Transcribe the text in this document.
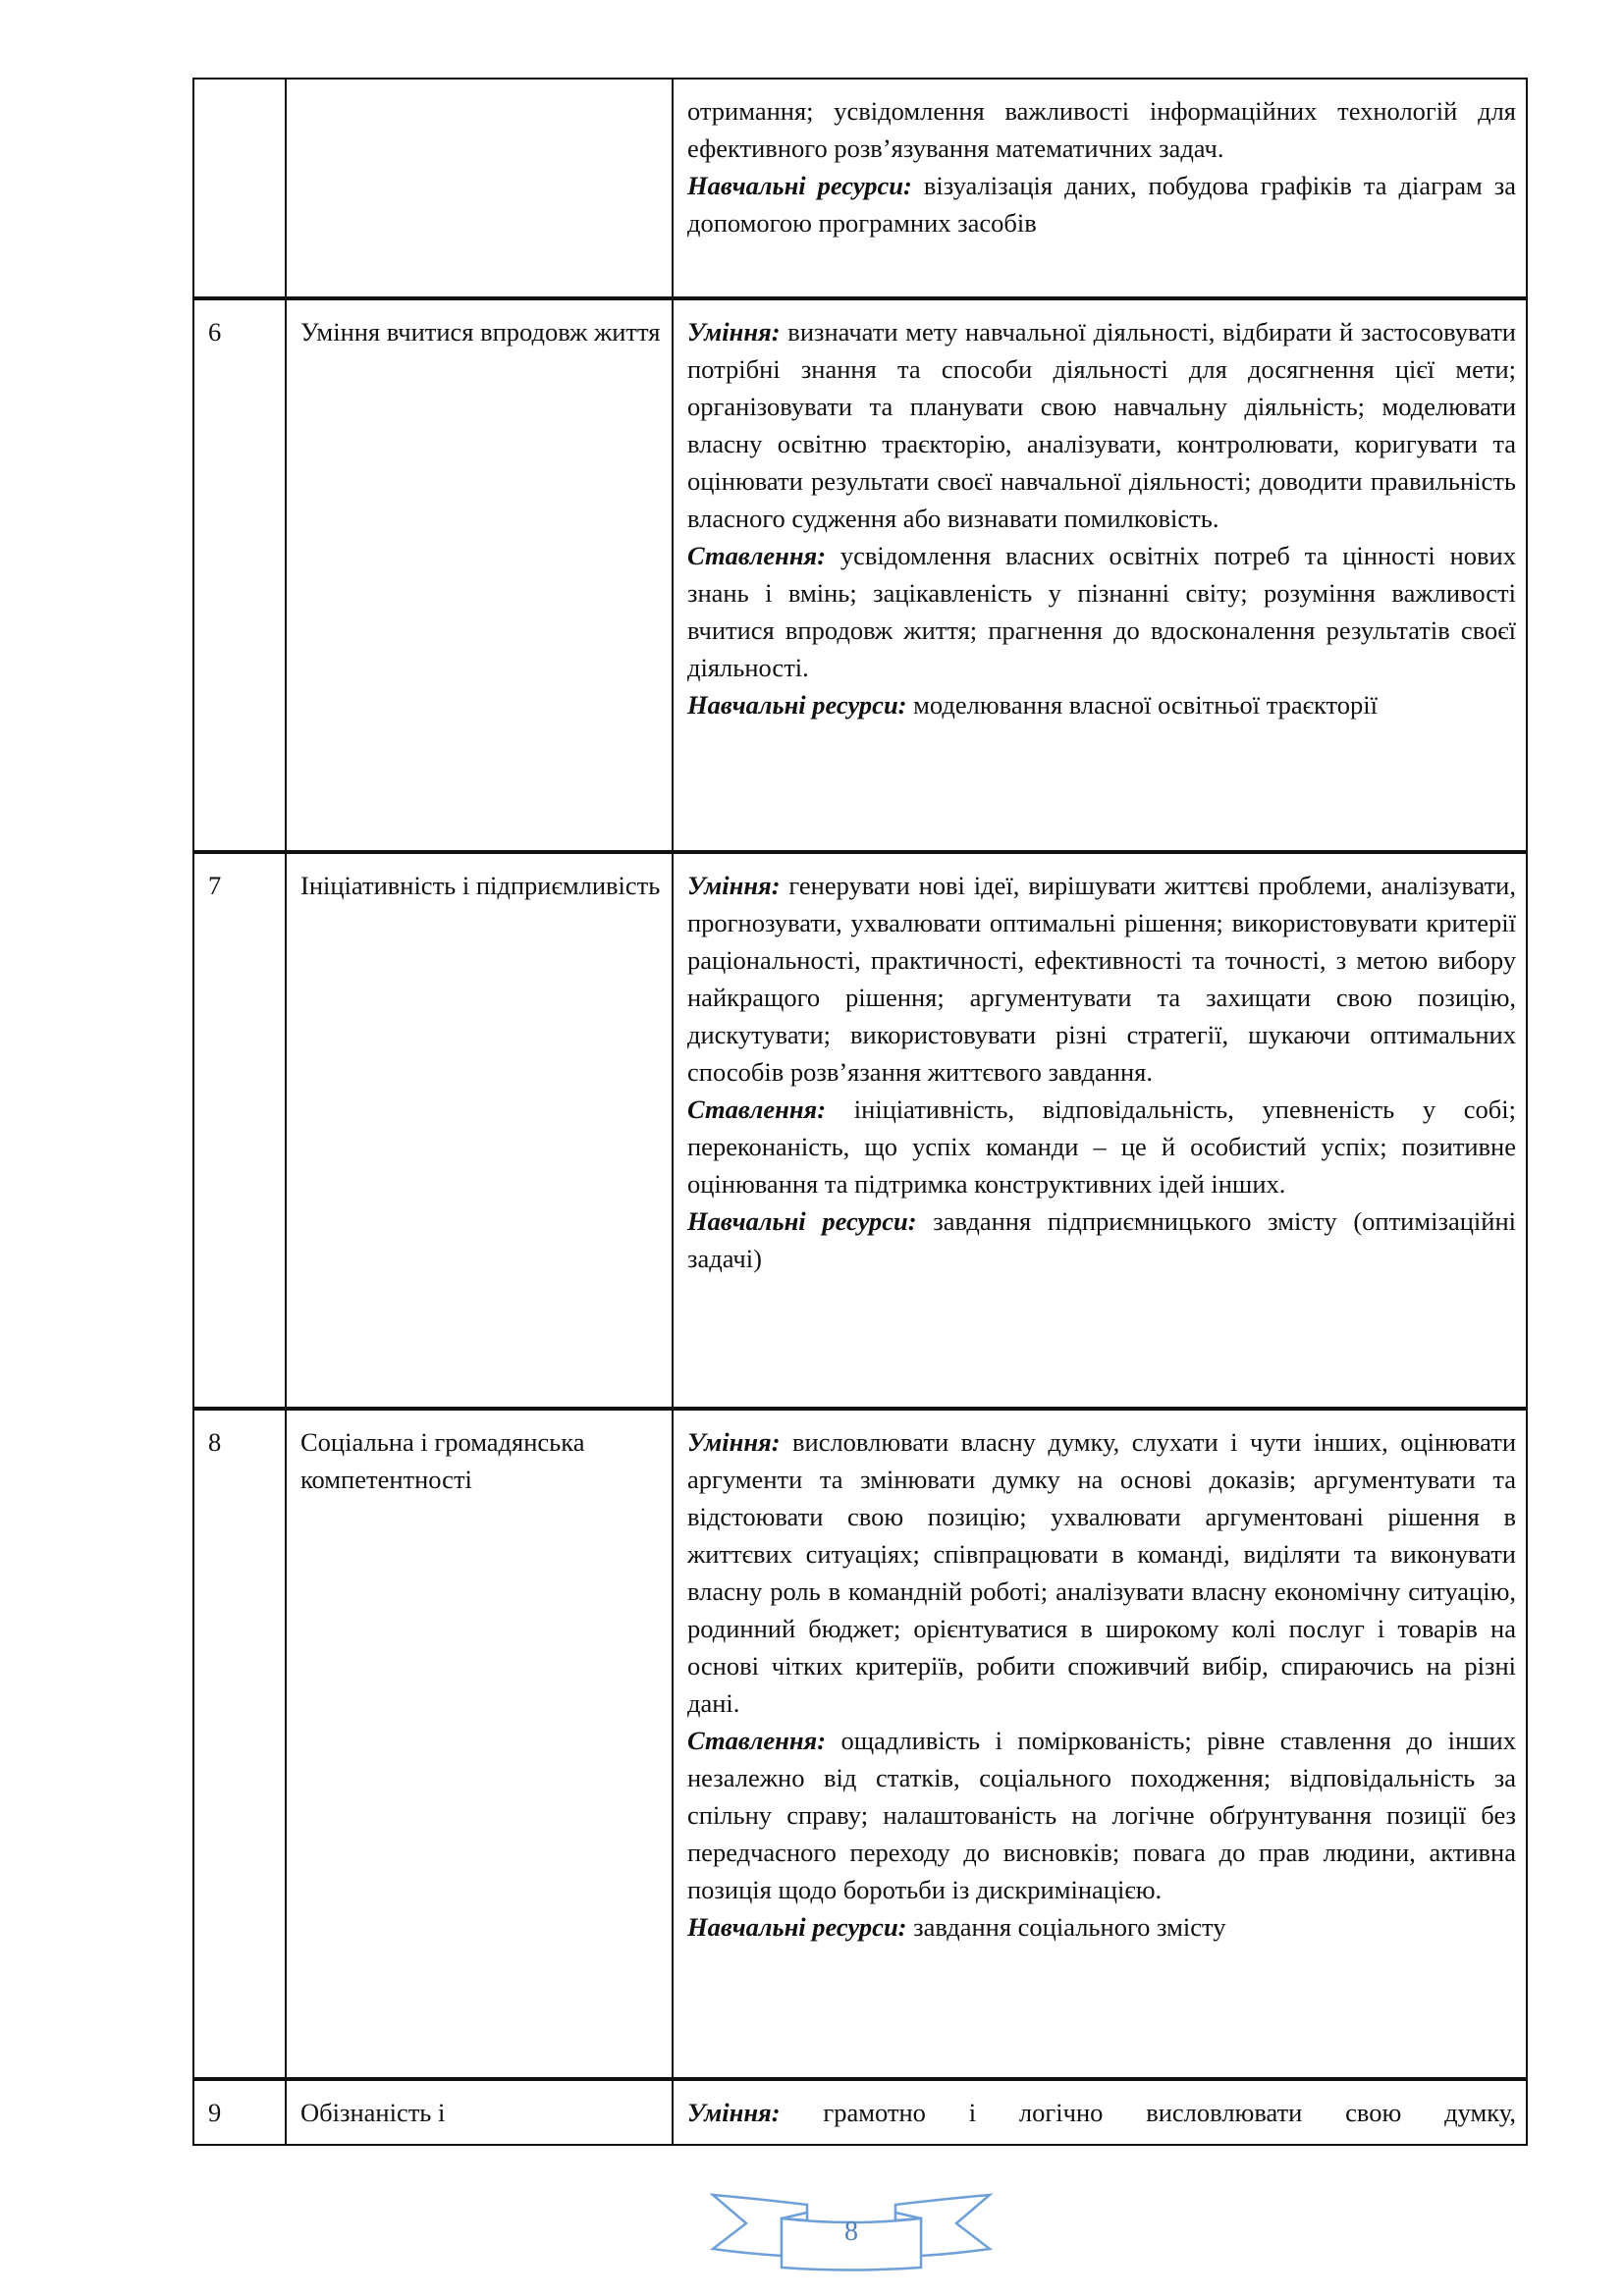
		отримання; усвідомлення важливості інформаційних технологій для ефективного розв’язування математичних задач.

Навчальні ресурси: візуалізація даних, побудова графіків та діаграм за допомогою програмних засобів

6	Уміння вчитися впродовж життя	Уміння: визначати мету навчальної діяльності, відбирати й застосовувати потрібні знання та способи діяльності для досягнення цієї мети; організовувати та планувати свою навчальну діяльність; моделювати власну освітню траєкторію, аналізувати, контролювати, коригувати та оцінювати результати своєї навчальної діяльності; доводити правильність власного судження або визнавати помилковість.

Ставлення: усвідомлення власних освітніх потреб та цінності нових знань і вмінь; зацікавленість у пізнанні світу; розуміння важливості вчитися впродовж життя; прагнення до вдосконалення результатів своєї діяльності.

Навчальні ресурси: моделювання власної освітньої траєкторії

7	Ініціативність і підприємливість	Уміння: генерувати нові ідеї, вирішувати життєві проблеми, аналізувати, прогнозувати, ухвалювати оптимальні рішення; використовувати критерії раціональності, практичності, ефективності та точності, з метою вибору найкращого рішення; аргументувати та захищати свою позицію, дискутувати; використовувати різні стратегії, шукаючи оптимальних способів розв’язання життєвого завдання.

Ставлення: ініціативність, відповідальність, упевненість у собі; переконаність, що успіх команди – це й особистий успіх; позитивне оцінювання та підтримка конструктивних ідей інших.

Навчальні ресурси: завдання підприємницького змісту (оптимізаційні задачі)

8	Соціальна і громадянська компетентності	Уміння: висловлювати власну думку, слухати і чути інших, оцінювати аргументи та змінювати думку на основі доказів; аргументувати та відстоювати свою позицію; ухвалювати аргументовані рішення в життєвих ситуаціях; співпрацювати в команді, виділяти та виконувати власну роль в командній роботі; аналізувати власну економічну ситуацію, родинний бюджет; орієнтуватися в широкому колі послуг і товарів на основі чітких критеріїв, робити споживчий вибір, спираючись на різні дані.

Ставлення: ощадливість і поміркованість; рівне ставлення до інших незалежно від статків, соціального походження; відповідальність за спільну справу; налаштованість на логічне обґрунтування позиції без передчасного переходу до висновків; повага до прав людини, активна позиція щодо боротьби із дискримінацією.

Навчальні ресурси: завдання соціального змісту

9	Обізнаність і	Уміння: грамотно і логічно висловлювати свою думку,

8
